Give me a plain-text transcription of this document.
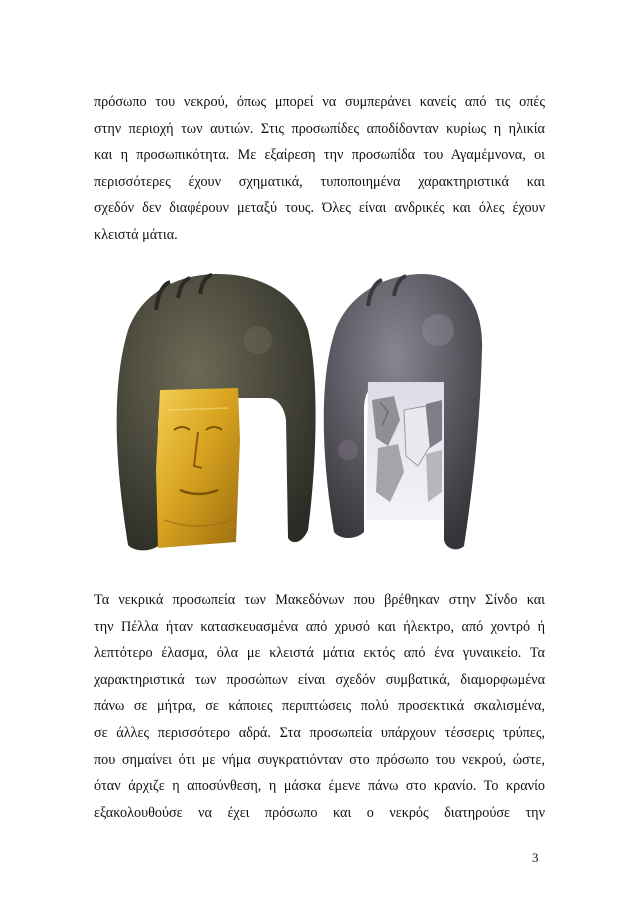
πρόσωπο του νεκρού, όπως μπορεί να συμπεράνει κανείς από τις οπές
στην περιοχή των αυτιών. Στις προσωπίδες αποδίδονταν κυρίως η ηλικία
και η προσωπικότητα. Με εξαίρεση την προσωπίδα του Αγαμέμνονα, οι
περισσότερες έχουν σχηματικά, τυποποιημένα χαρακτηριστικά και
σχεδόν δεν διαφέρουν μεταξύ τους. Όλες είναι ανδρικές και όλες έχουν
κλειστά μάτια.
Τα νεκρικά προσωπεία των Μακεδόνων που βρέθηκαν στην Σίνδο και
την Πέλλα ήταν κατασκευασμένα από χρυσό και ήλεκτρο, από χοντρό ή
λεπτότερο έλασμα, όλα με κλειστά μάτια εκτός από ένα γυναικείο. Τα
χαρακτηριστικά των προσώπων είναι σχεδόν συμβατικά, διαμορφωμένα
πάνω σε μήτρα, σε κάποιες περιπτώσεις πολύ προσεκτικά σκαλισμένα,
σε άλλες περισσότερο αδρά. Στα προσωπεία υπάρχουν τέσσερις τρύπες,
που σημαίνει ότι με νήμα συγκρατιόνταν στο πρόσωπο του νεκρού, ώστε,
όταν άρχιζε η αποσύνθεση, η μάσκα έμενε πάνω στο κρανίο. Το κρανίο
εξακολουθούσε να έχει πρόσωπο και ο νεκρός διατηρούσε την
3
